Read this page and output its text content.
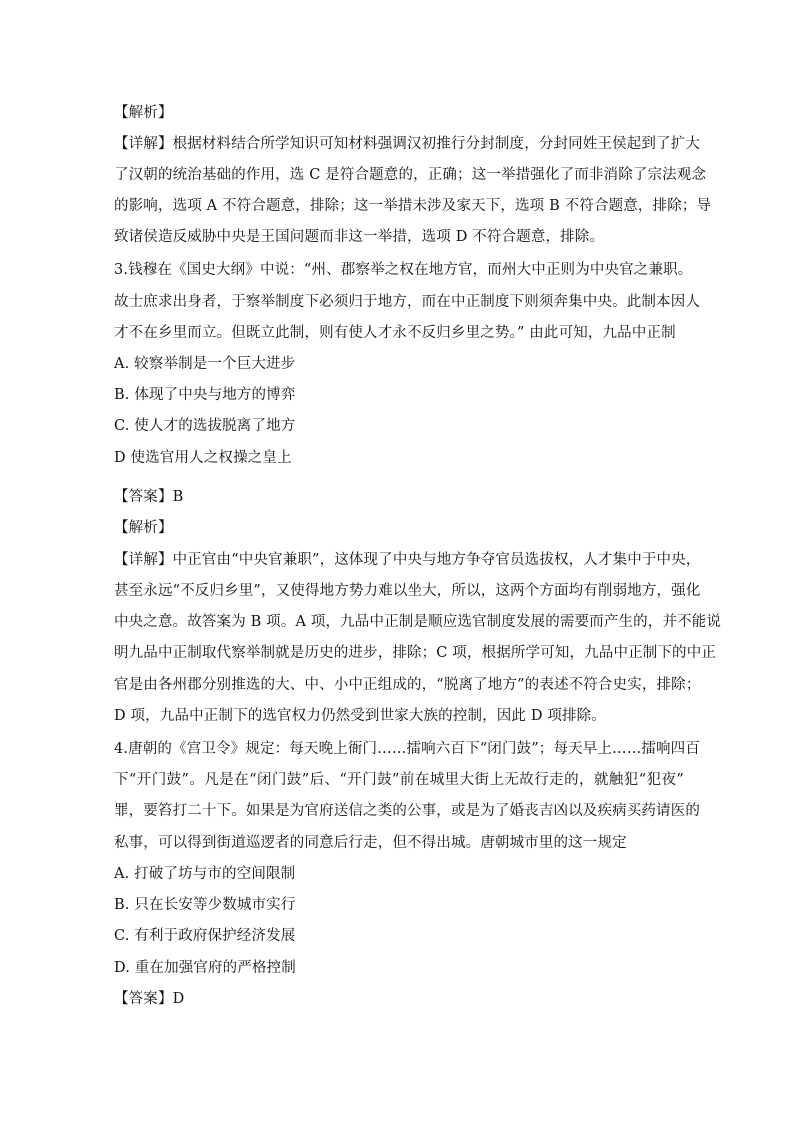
【解析】
【详解】根据材料结合所学知识可知材料强调汉初推行分封制度，分封同姓王侯起到了扩大
了汉朝的统治基础的作用，选 C 是符合题意的，正确；这一举措强化了而非消除了宗法观念
的影响，选项 A 不符合题意，排除；这一举措未涉及家天下，选项 B 不符合题意，排除；导
致诸侯造反威胁中央是王国问题而非这一举措，选项 D 不符合题意，排除。
3.钱穆在《国史大纲》中说：“州、郡察举之权在地方官，而州大中正则为中央官之兼职。
故士庶求出身者，于察举制度下必须归于地方，而在中正制度下则须奔集中央。此制本因人
才不在乡里而立。但既立此制，则有使人才永不反归乡里之势。” 由此可知，九品中正制
A. 较察举制是一个巨大进步
B. 体现了中央与地方的博弈
C. 使人才的选拔脱离了地方
D 使选官用人之权操之皇上
【答案】B
【解析】
【详解】中正官由“中央官兼职”，这体现了中央与地方争夺官员选拔权，人才集中于中央，
甚至永远“不反归乡里”，又使得地方势力难以坐大，所以，这两个方面均有削弱地方，强化
中央之意。故答案为 B 项。A 项，九品中正制是顺应选官制度发展的需要而产生的，并不能说
明九品中正制取代察举制就是历史的进步，排除；C 项，根据所学可知，九品中正制下的中正
官是由各州郡分别推选的大、中、小中正组成的，“脱离了地方”的表述不符合史实，排除；
D 项，九品中正制下的选官权力仍然受到世家大族的控制，因此 D 项排除。
4.唐朝的《宫卫令》规定：每天晚上衙门……擂响六百下“闭门鼓”；每天早上……擂响四百
下“开门鼓”。凡是在“闭门鼓”后、“开门鼓”前在城里大街上无故行走的，就触犯“犯夜”
罪，要笞打二十下。如果是为官府送信之类的公事，或是为了婚丧吉凶以及疾病买药请医的
私事，可以得到街道巡逻者的同意后行走，但不得出城。唐朝城市里的这一规定
A. 打破了坊与市的空间限制
B. 只在长安等少数城市实行
C. 有利于政府保护经济发展
D. 重在加强官府的严格控制
【答案】D
